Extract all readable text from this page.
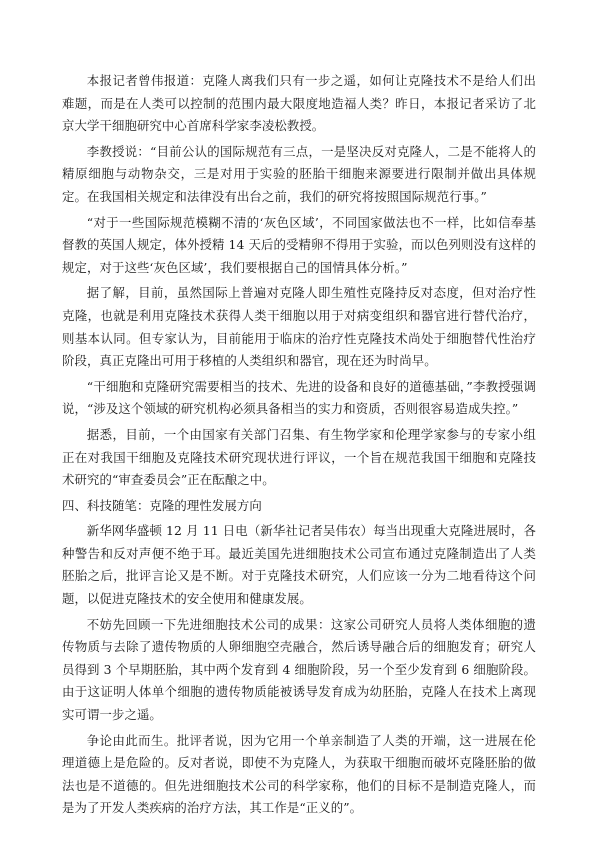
本报记者曾伟报道：克隆人离我们只有一步之遥，如何让克隆技术不是给人们出难题，而是在人类可以控制的范围内最大限度地造福人类？昨日，本报记者采访了北京大学干细胞研究中心首席科学家李凌松教授。

李教授说：“目前公认的国际规范有三点，一是坚决反对克隆人，二是不能将人的精原细胞与动物杂交，三是对用于实验的胚胎干细胞来源要进行限制并做出具体规定。在我国相关规定和法律没有出台之前，我们的研究将按照国际规范行事。”

“对于一些国际规范模糊不清的‘灰色区域’，不同国家做法也不一样，比如信奉基督教的英国人规定，体外授精 14 天后的受精卵不得用于实验，而以色列则没有这样的规定，对于这些‘灰色区域’，我们要根据自己的国情具体分析。”

据了解，目前，虽然国际上普遍对克隆人即生殖性克隆持反对态度，但对治疗性克隆，也就是利用克隆技术获得人类干细胞以用于对病变组织和器官进行替代治疗，则基本认同。但专家认为，目前能用于临床的治疗性克隆技术尚处于细胞替代性治疗阶段，真正克隆出可用于移植的人类组织和器官，现在还为时尚早。

“干细胞和克隆研究需要相当的技术、先进的设备和良好的道德基础，”李教授强调说，“涉及这个领域的研究机构必须具备相当的实力和资质，否则很容易造成失控。”

据悉，目前，一个由国家有关部门召集、有生物学家和伦理学家参与的专家小组正在对我国干细胞及克隆技术研究现状进行评议，一个旨在规范我国干细胞和克隆技术研究的“审查委员会”正在酝酿之中。

四、科技随笔：克隆的理性发展方向

新华网华盛顿 12 月 11 日电（新华社记者吴伟农）每当出现重大克隆进展时，各种警告和反对声便不绝于耳。最近美国先进细胞技术公司宣布通过克隆制造出了人类胚胎之后，批评言论又是不断。对于克隆技术研究，人们应该一分为二地看待这个问题，以促进克隆技术的安全使用和健康发展。

不妨先回顾一下先进细胞技术公司的成果：这家公司研究人员将人类体细胞的遗传物质与去除了遗传物质的人卵细胞空壳融合，然后诱导融合后的细胞发育；研究人员得到 3 个早期胚胎，其中两个发育到 4 细胞阶段，另一个至少发育到 6 细胞阶段。由于这证明人体单个细胞的遗传物质能被诱导发育成为幼胚胎，克隆人在技术上离现实可谓一步之遥。

争论由此而生。批评者说，因为它用一个单亲制造了人类的开端，这一进展在伦理道德上是危险的。反对者说，即使不为克隆人，为获取干细胞而破坏克隆胚胎的做法也是不道德的。但先进细胞技术公司的科学家称，他们的目标不是制造克隆人，而是为了开发人类疾病的治疗方法，其工作是“正义的”。
